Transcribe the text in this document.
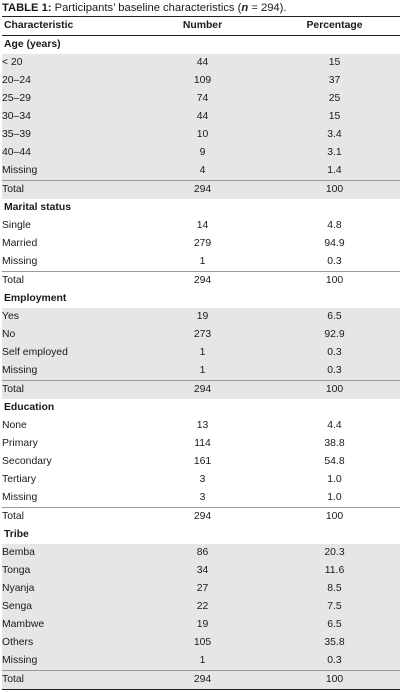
TABLE 1: Participants’ baseline characteristics (n = 294).
Characteristic	Number	Percentage
Age (years)		
< 20	44	15
20–24	109	37
25–29	74	25
30–34	44	15
35–39	10	3.4
40–44	9	3.1
Missing	4	1.4
Total	294	100
Marital status		
Single	14	4.8
Married	279	94.9
Missing	1	0.3
Total	294	100
Employment		
Yes	19	6.5
No	273	92.9
Self employed	1	0.3
Missing	1	0.3
Total	294	100
Education		
None	13	4.4
Primary	114	38.8
Secondary	161	54.8
Tertiary	3	1.0
Missing	3	1.0
Total	294	100
Tribe		
Bemba	86	20.3
Tonga	34	11.6
Nyanja	27	8.5
Senga	22	7.5
Mambwe	19	6.5
Others	105	35.8
Missing	1	0.3
Total	294	100
